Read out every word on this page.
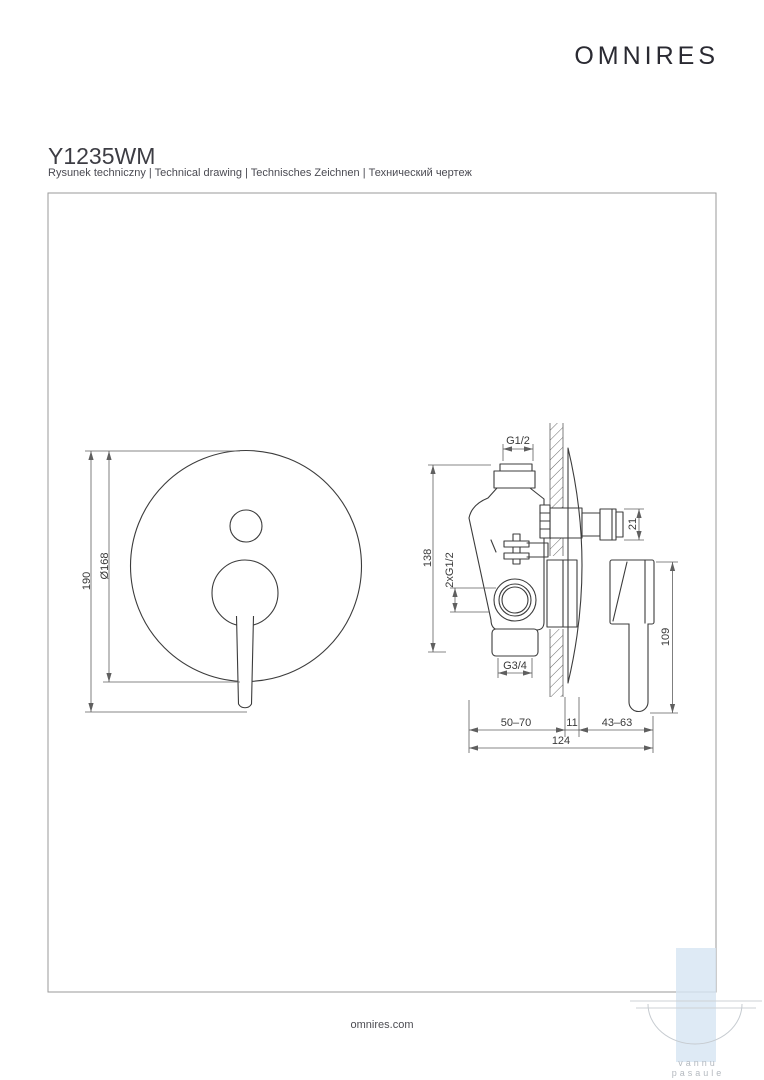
190
Ø168
G1/2
138 2xG1/2
21
109
G3/4
50–70	11 43–63
124
vannu
pasaule
OMNIRES
Y1235WM
Rysunek techniczny | Technical drawing | Technisches Zeichnen | Технический чертеж
omnires.com
